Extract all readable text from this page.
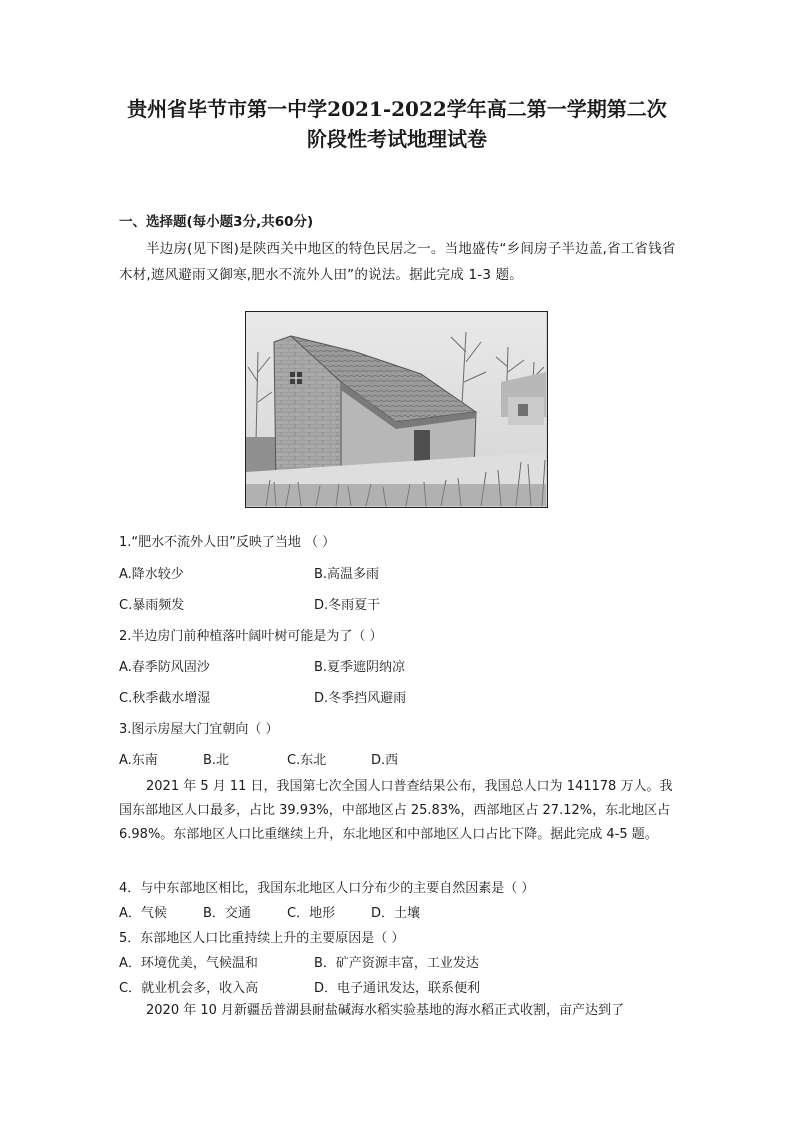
贵州省毕节市第一中学2021-2022学年高二第一学期第二次
阶段性考试地理试卷
一、选择题(每小题3分,共60分)
半边房(见下图)是陕西关中地区的特色民居之一。当地盛传“乡间房子半边盖,省工省钱省木材,遮风避雨又御寒,肥水不流外人田”的说法。据此完成 1-3 题。
1.“肥水不流外人田”反映了当地 （ ）
A.降水较少	B.高温多雨
C.暴雨频发	D.冬雨夏干
2.半边房门前种植落叶阔叶树可能是为了（ ）
A.春季防风固沙	B.夏季遮阴纳凉
C.秋季截水增湿	D.冬季挡风避雨
3.图示房屋大门宜朝向（ ）
A.东南	B.北	C.东北	D.西
2021 年 5 月 11 日，我国第七次全国人口普查结果公布，我国总人口为 141178 万人。我国东部地区人口最多，占比 39.93%，中部地区占 25.83%，西部地区占 27.12%，东北地区占 6.98%。东部地区人口比重继续上升，东北地区和中部地区人口占比下降。据此完成 4-5 题。
4．与中东部地区相比，我国东北地区人口分布少的主要自然因素是（ ）
A．气候	B．交通	C．地形	D．土壤
5．东部地区人口比重持续上升的主要原因是（ ）
A．环境优美，气候温和	B．矿产资源丰富，工业发达
C．就业机会多，收入高	D．电子通讯发达，联系便利
2020 年 10 月新疆岳普湖县耐盐碱海水稻实验基地的海水稻正式收割，亩产达到了
